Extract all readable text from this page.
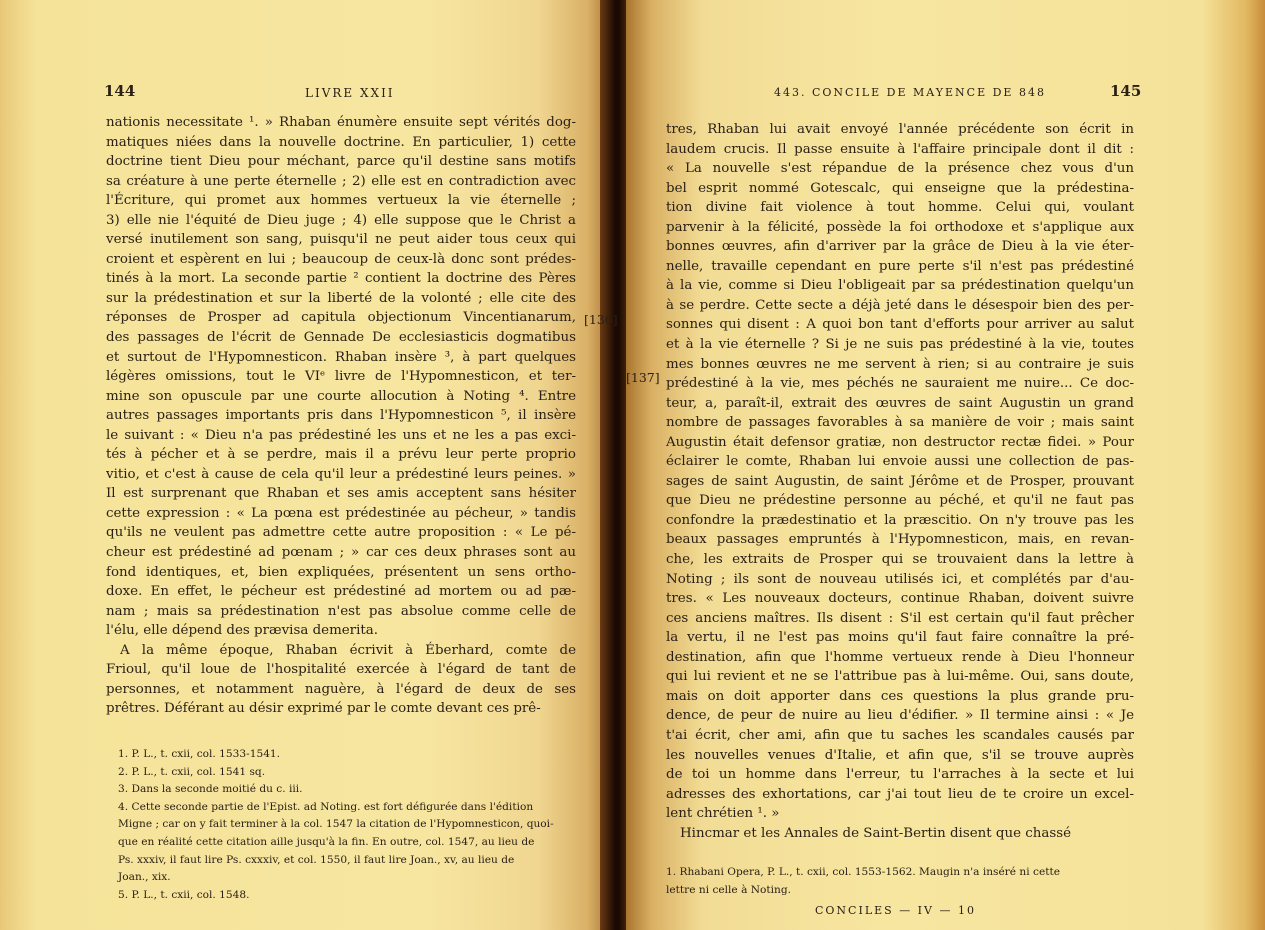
144	LIVRE XXII
nationis necessitate ¹. » Rhaban énumère ensuite sept vérités dog-
matiques niées dans la nouvelle doctrine. En particulier, 1) cette
doctrine tient Dieu pour méchant, parce qu'il destine sans motifs
sa créature à une perte éternelle ; 2) elle est en contradiction avec
l'Écriture, qui promet aux hommes vertueux la vie éternelle ;
3) elle nie l'équité de Dieu juge ; 4) elle suppose que le Christ a
versé inutilement son sang, puisqu'il ne peut aider tous ceux qui
croient et espèrent en lui ; beaucoup de ceux-là donc sont prédes-
tinés à la mort. La seconde partie ² contient la doctrine des Pères
sur la prédestination et sur la liberté de la volonté ; elle cite des
réponses de Prosper ad capitula objectionum Vincentianarum,
des passages de l'écrit de Gennade De ecclesiasticis dogmatibus
et surtout de l'Hypomnesticon. Rhaban insère ³, à part quelques
légères omissions, tout le VIᵉ livre de l'Hypomnesticon, et ter-
mine son opuscule par une courte allocution à Noting ⁴. Entre
autres passages importants pris dans l'Hypomnesticon ⁵, il insère
le suivant : « Dieu n'a pas prédestiné les uns et ne les a pas exci-
tés à pécher et à se perdre, mais il a prévu leur perte proprio
vitio, et c'est à cause de cela qu'il leur a prédestiné leurs peines. »
Il est surprenant que Rhaban et ses amis acceptent sans hésiter
cette expression : « La pœna est prédestinée au pécheur, » tandis
qu'ils ne veulent pas admettre cette autre proposition : « Le pé-
cheur est prédestiné ad pœnam ; » car ces deux phrases sont au
fond identiques, et, bien expliquées, présentent un sens ortho-
doxe. En effet, le pécheur est prédestiné ad mortem ou ad pæ-
nam ; mais sa prédestination n'est pas absolue comme celle de
l'élu, elle dépend des prævisa demerita.
A la même époque, Rhaban écrivit à Éberhard, comte de
Frioul, qu'il loue de l'hospitalité exercée à l'égard de tant de
personnes, et notamment naguère, à l'égard de deux de ses
prêtres. Déférant au désir exprimé par le comte devant ces prê-
1. P. L., t. cxii, col. 1533-1541.
2. P. L., t. cxii, col. 1541 sq.
3. Dans la seconde moitié du c. iii.
4. Cette seconde partie de l'Epist. ad Noting. est fort défigurée dans l'édition
Migne ; car on y fait terminer à la col. 1547 la citation de l'Hypomnesticon, quoi-
que en réalité cette citation aille jusqu'à la fin. En outre, col. 1547, au lieu de
Ps. xxxiv, il faut lire Ps. cxxxiv, et col. 1550, il faut lire Joan., xv, au lieu de
Joan., xix.
5. P. L., t. cxii, col. 1548.
443. CONCILE DE MAYENCE DE 848	145
[137]
tres, Rhaban lui avait envoyé l'année précédente son écrit in
laudem crucis. Il passe ensuite à l'affaire principale dont il dit :
« La nouvelle s'est répandue de la présence chez vous d'un
bel esprit nommé Gotescalc, qui enseigne que la prédestina-
tion divine fait violence à tout homme. Celui qui, voulant
parvenir à la félicité, possède la foi orthodoxe et s'applique aux
bonnes œuvres, afin d'arriver par la grâce de Dieu à la vie éter-
nelle, travaille cependant en pure perte s'il n'est pas prédestiné
à la vie, comme si Dieu l'obligeait par sa prédestination quelqu'un
à se perdre. Cette secte a déjà jeté dans le désespoir bien des per-
sonnes qui disent : A quoi bon tant d'efforts pour arriver au salut
et à la vie éternelle ? Si je ne suis pas prédestiné à la vie, toutes
mes bonnes œuvres ne me servent à rien; si au contraire je suis
prédestiné à la vie, mes péchés ne sauraient me nuire... Ce doc-
teur, a, paraît-il, extrait des œuvres de saint Augustin un grand
nombre de passages favorables à sa manière de voir ; mais saint
Augustin était defensor gratiæ, non destructor rectæ fidei. » Pour
éclairer le comte, Rhaban lui envoie aussi une collection de pas-
sages de saint Augustin, de saint Jérôme et de Prosper, prouvant
que Dieu ne prédestine personne au péché, et qu'il ne faut pas
confondre la prædestinatio et la præscitio. On n'y trouve pas les
beaux passages empruntés à l'Hypomnesticon, mais, en revan-
che, les extraits de Prosper qui se trouvaient dans la lettre à
Noting ; ils sont de nouveau utilisés ici, et complétés par d'au-
tres. « Les nouveaux docteurs, continue Rhaban, doivent suivre
ces anciens maîtres. Ils disent : S'il est certain qu'il faut prêcher
la vertu, il ne l'est pas moins qu'il faut faire connaître la pré-
destination, afin que l'homme vertueux rende à Dieu l'honneur
qui lui revient et ne se l'attribue pas à lui-même. Oui, sans doute,
mais on doit apporter dans ces questions la plus grande pru-
dence, de peur de nuire au lieu d'édifier. » Il termine ainsi : « Je
t'ai écrit, cher ami, afin que tu saches les scandales causés par
les nouvelles venues d'Italie, et afin que, s'il se trouve auprès
de toi un homme dans l'erreur, tu l'arraches à la secte et lui
adresses des exhortations, car j'ai tout lieu de te croire un excel-
lent chrétien ¹. »
Hincmar et les Annales de Saint-Bertin disent que chassé
1. Rhabani Opera, P. L., t. cxii, col. 1553-1562. Maugin n'a inséré ni cette
lettre ni celle à Noting.
[136]
CONCILES — IV — 10
